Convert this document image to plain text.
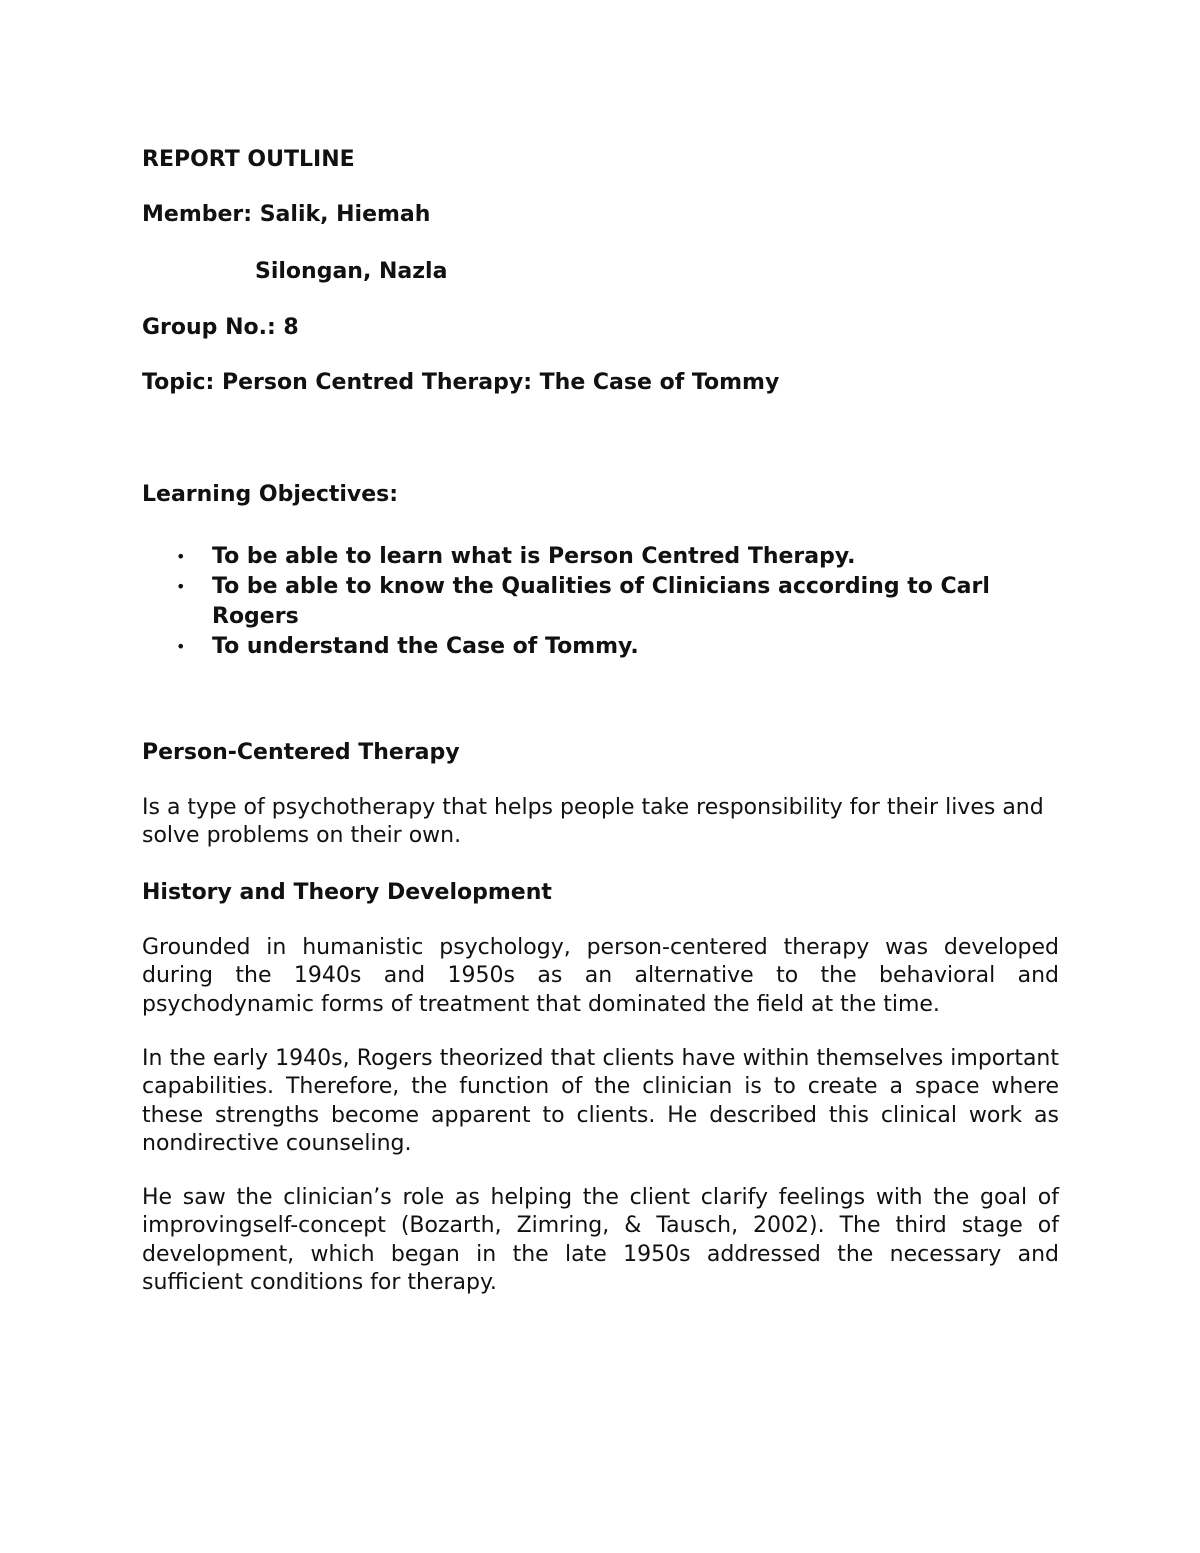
REPORT OUTLINE

Member: Salik, Hiemah

Silongan, Nazla

Group No.: 8

Topic: Person Centred Therapy: The Case of Tommy

Learning Objectives:

• To be able to learn what is Person Centred Therapy.
• To be able to know the Qualities of Clinicians according to Carl Rogers
• To understand the Case of Tommy.

Person-Centered Therapy

Is a type of psychotherapy that helps people take responsibility for their lives and solve problems on their own.

History and Theory Development

Grounded in humanistic psychology, person-centered therapy was developed during the 1940s and 1950s as an alternative to the behavioral and psychodynamic forms of treatment that dominated the field at the time.

In the early 1940s, Rogers theorized that clients have within themselves important capabilities. Therefore, the function of the clinician is to create a space where these strengths become apparent to clients. He described this clinical work as nondirective counseling.

He saw the clinician’s role as helping the client clarify feelings with the goal of improvingself-concept (Bozarth, Zimring, & Tausch, 2002). The third stage of development, which began in the late 1950s addressed the necessary and sufficient conditions for therapy.
